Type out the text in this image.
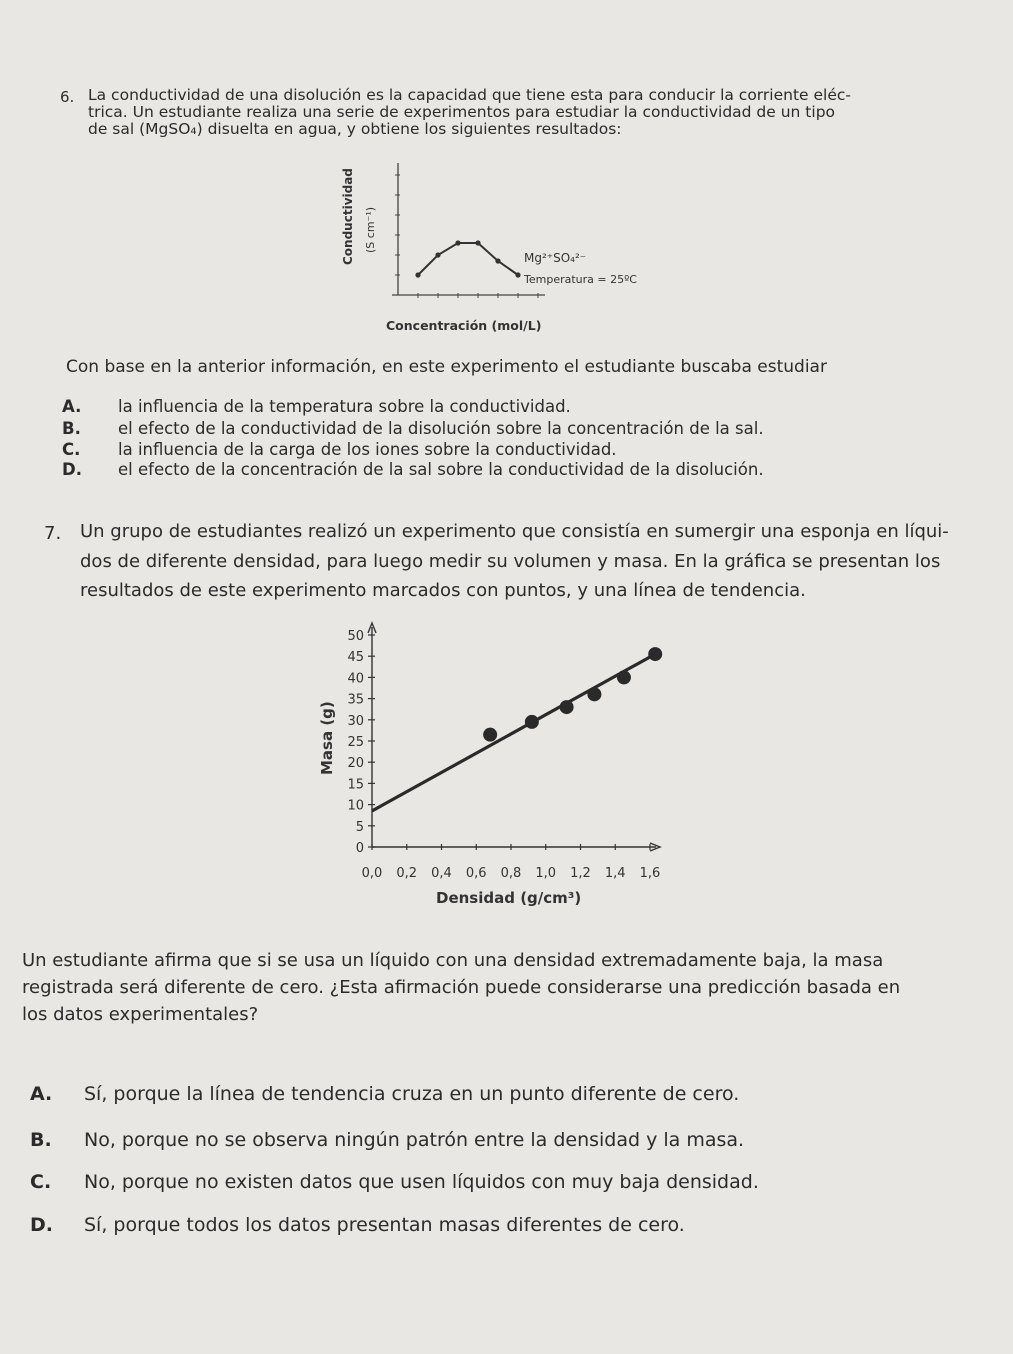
6. La conductividad de una disolución es la capacidad que tiene esta para conducir la corriente eléc-
trica. Un estudiante realiza una serie de experimentos para estudiar la conductividad de un tipo
de sal (MgSO₄) disuelta en agua, y obtiene los siguientes resultados:
Conductividad (S cm⁻¹)
Mg²⁺SO₄²⁻
Temperatura = 25ºC
Concentración (mol/L)
Con base en la anterior información, en este experimento el estudiante buscaba estudiar
A. la influencia de la temperatura sobre la conductividad.
B. el efecto de la conductividad de la disolución sobre la concentración de la sal.
C. la influencia de la carga de los iones sobre la conductividad.
D. el efecto de la concentración de la sal sobre la conductividad de la disolución.
7. Un grupo de estudiantes realizó un experimento que consistía en sumergir una esponja en líqui-
dos de diferente densidad, para luego medir su volumen y masa. En la gráfica se presentan los
resultados de este experimento marcados con puntos, y una línea de tendencia.
0
5
10
15
20
25
30
35
40
45
50
0,0 0,2 0,4 0,6 0,8 1,0 1,2 1,4 1,6
Masa (g)
Densidad (g/cm³)
Un estudiante afirma que si se usa un líquido con una densidad extremadamente baja, la masa
registrada será diferente de cero. ¿Esta afirmación puede considerarse una predicción basada en
los datos experimentales?
A. Sí, porque la línea de tendencia cruza en un punto diferente de cero.
B. No, porque no se observa ningún patrón entre la densidad y la masa.
C. No, porque no existen datos que usen líquidos con muy baja densidad.
D. Sí, porque todos los datos presentan masas diferentes de cero.
